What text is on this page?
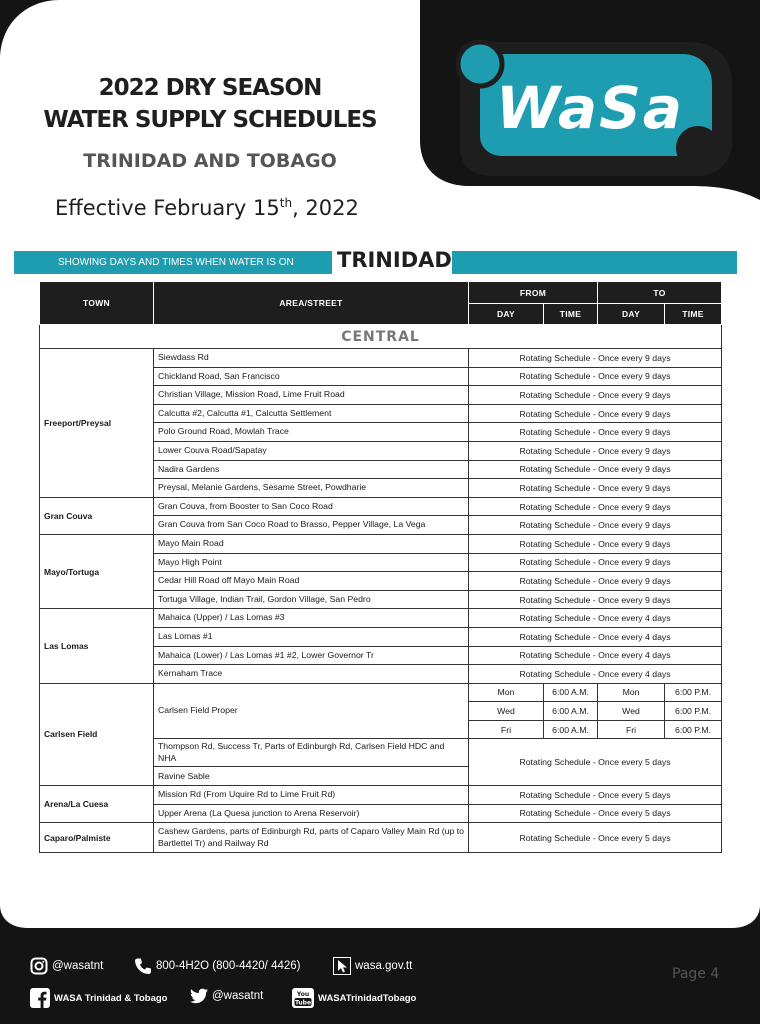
WaSa
2022 DRY SEASON
WATER SUPPLY SCHEDULES
TRINIDAD AND TOBAGO
Effective February 15th, 2022
SHOWING DAYS AND TIMES WHEN WATER IS ON	TRINIDAD
TOWN	AREA/STREET	FROM		TO	
		DAY	TIME	DAY	TIME
CENTRAL					
Freeport/Preysal	Siewdass Rd	Rotating Schedule - Once every 9 days			
	Chickland Road, San Francisco	Rotating Schedule - Once every 9 days			
	Christian Village, Mission Road, Lime Fruit Road	Rotating Schedule - Once every 9 days			
	Calcutta #2, Calcutta #1, Calcutta Settlement	Rotating Schedule - Once every 9 days			
	Polo Ground Road, Mowlah Trace	Rotating Schedule - Once every 9 days			
	Lower Couva Road/Sapatay	Rotating Schedule - Once every 9 days			
	Nadira Gardens	Rotating Schedule - Once every 9 days			
	Preysal, Melanie Gardens, Sesame Street, Powdharie	Rotating Schedule - Once every 9 days			
Gran Couva	Gran Couva, from Booster to San Coco Road	Rotating Schedule - Once every 9 days			
	Gran Couva from San Coco Road to Brasso, Pepper Village, La Vega	Rotating Schedule - Once every 9 days			
Mayo/Tortuga	Mayo Main Road	Rotating Schedule - Once every 9 days			
	Mayo High Point	Rotating Schedule - Once every 9 days			
	Cedar Hill Road off Mayo Main Road	Rotating Schedule - Once every 9 days			
	Tortuga Village, Indian Trail, Gordon Village, San Pedro	Rotating Schedule - Once every 9 days			
Las Lomas	Mahaica (Upper) / Las Lomas #3	Rotating Schedule - Once every 4 days			
	Las Lomas #1	Rotating Schedule - Once every 4 days			
	Mahaica (Lower) / Las Lomas #1 #2, Lower Governor Tr	Rotating Schedule - Once every 4 days			
	Kernaham Trace	Rotating Schedule - Once every 4 days			
Carlsen Field	Carlsen Field Proper	Mon	6:00 A.M.	Mon	6:00 P.M.
		Wed	6:00 A.M.	Wed	6:00 P.M.
		Fri	6:00 A.M.	Fri	6:00 P.M.
	Thompson Rd, Success Tr, Parts of Edinburgh Rd, Carlsen Field HDC and NHA	Rotating Schedule - Once every 5 days			
	Ravine Sable				

Arena/La Cuesa	Mission Rd (From Uquire Rd to Lime Fruit Rd)	Rotating Schedule - Once every 5 days			
	Upper Arena (La Quesa junction to Arena Reservoir)	Rotating Schedule - Once every 5 days			
Caparo/Palmiste	Cashew Gardens, parts of Edinburgh Rd, parts of Caparo Valley Main Rd (up to Bartlettel Tr) and Railway Rd	Rotating Schedule - Once every 5 days			
@wasatnt	800-4H2O (800-4420/ 4426)	wasa.gov.tt
WASA Trinidad & Tobago	@wasatnt	You
Tube WASATrinidadTobago
Page 4
